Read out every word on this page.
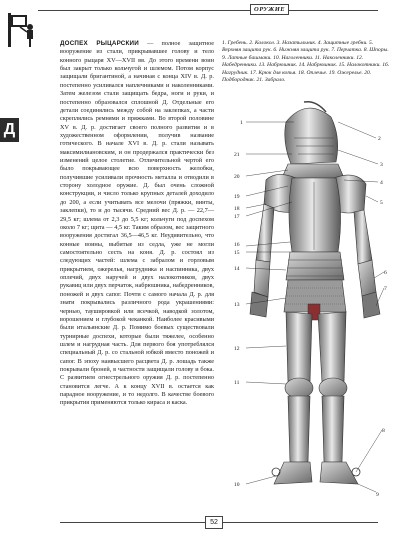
ОРУЖИЕ
Д

ДОСПЕХ РЫЦАРСКИЙ — полное защитное вооружение из стали, прикрывавшее голову и тело конного рыцаря XV—XVII вв. До этого времени воин был закрыт только кольчугой и шлемом. Потом корпус защищали бригантиной, а начиная с конца XIV в. Д. р. постепенно усиливался наплечниками и наколенниками. Затем железом стали защищать бедра, ноги и руки, и постепенно образовался сплошной Д. Отдельные его детали соединялись между собой на заклепках, а части скреплялись ремнями и пряжками. Во второй половине XV в. Д. р. достигает своего полного развития и в художественном оформлении, получив название готического. В начале XVI в. Д. р. стали называть максимилиановским, и он продержался практически без изменений целое столетие. Отличительной чертой его было покрывающее всю поверхность желобки, получившие усиливали прочность металла и отводили в сторону холодное оружие. Д. был очень сложной конструкции, и число только крупных деталей доходило до 200, а если учитывать все мелочи (пряжки, винты, заклепки), то и до тысячи. Средний вес Д. р. — 22,7—29,5 кг; шлема от 2,3 до 5,5 кг; кольчуги под доспехом около 7 кг; щита — 4,5 кг. Таким образом, вес защитного вооружения достигал 36,5—46,5 кг. Неудивительно, что конные воины, выбитые из седла, уже не могли самостоятельно сесть на коня. Д. р. состоял из следующих частей: шлема с забралом и горловым прикрытием, ожерелья, нагрудника и наспинника, двух оплечий, двух наручей и двух налокотников, двух рукавиц или двух перчаток, набрюшника, набедренников, поножей и двух сапог. Почти с самого начала Д. р. для знати покрывались различного рода украшениями: чернью, таушировкой или всечкой, наводкой золотом, ворошением и глубокой чеканкой. Наиболее красивыми были итальянские Д. р. Помимо боевых существовали турнирные доспехи, которые были тяжелее, особенно шлем и нагрудная часть. Для первого боя употреблялся специальный Д. р. со стальной юбкой вместо поножей и сапог. В эпоху наивысшего расцвета Д. р. лошадь также покрывали броней, в частности защищали голову и бока. С развитием огнестрельного оружия Д. р. постепенно становится легче. А к концу XVII в. остается как парадное вооружение, и то недолго. В качестве боевого прикрытия применяются только кираса и каска.

1. Гребень. 2. Колокол. 3. Назатыльник. 4. Защитные гребни. 5. Верхняя защита рук. 6. Нижняя защита рук. 7. Перчатка. 8. Шпоры. 9. Латные башмаки. 10. Наголенники. 11. Наколенники. 12. Набедренники. 13. Набрюшник. 14. Набрюшник. 15. Налокотники. 16. Нагрудник. 17. Крюк для копья. 18. Оплечье. 19. Ожерелье. 20. Подбородник. 21. Забрало.
1
2
3
4
5
6
7
8
9
10
11
12
13
14
15
16
17
18
19
20
21
52
